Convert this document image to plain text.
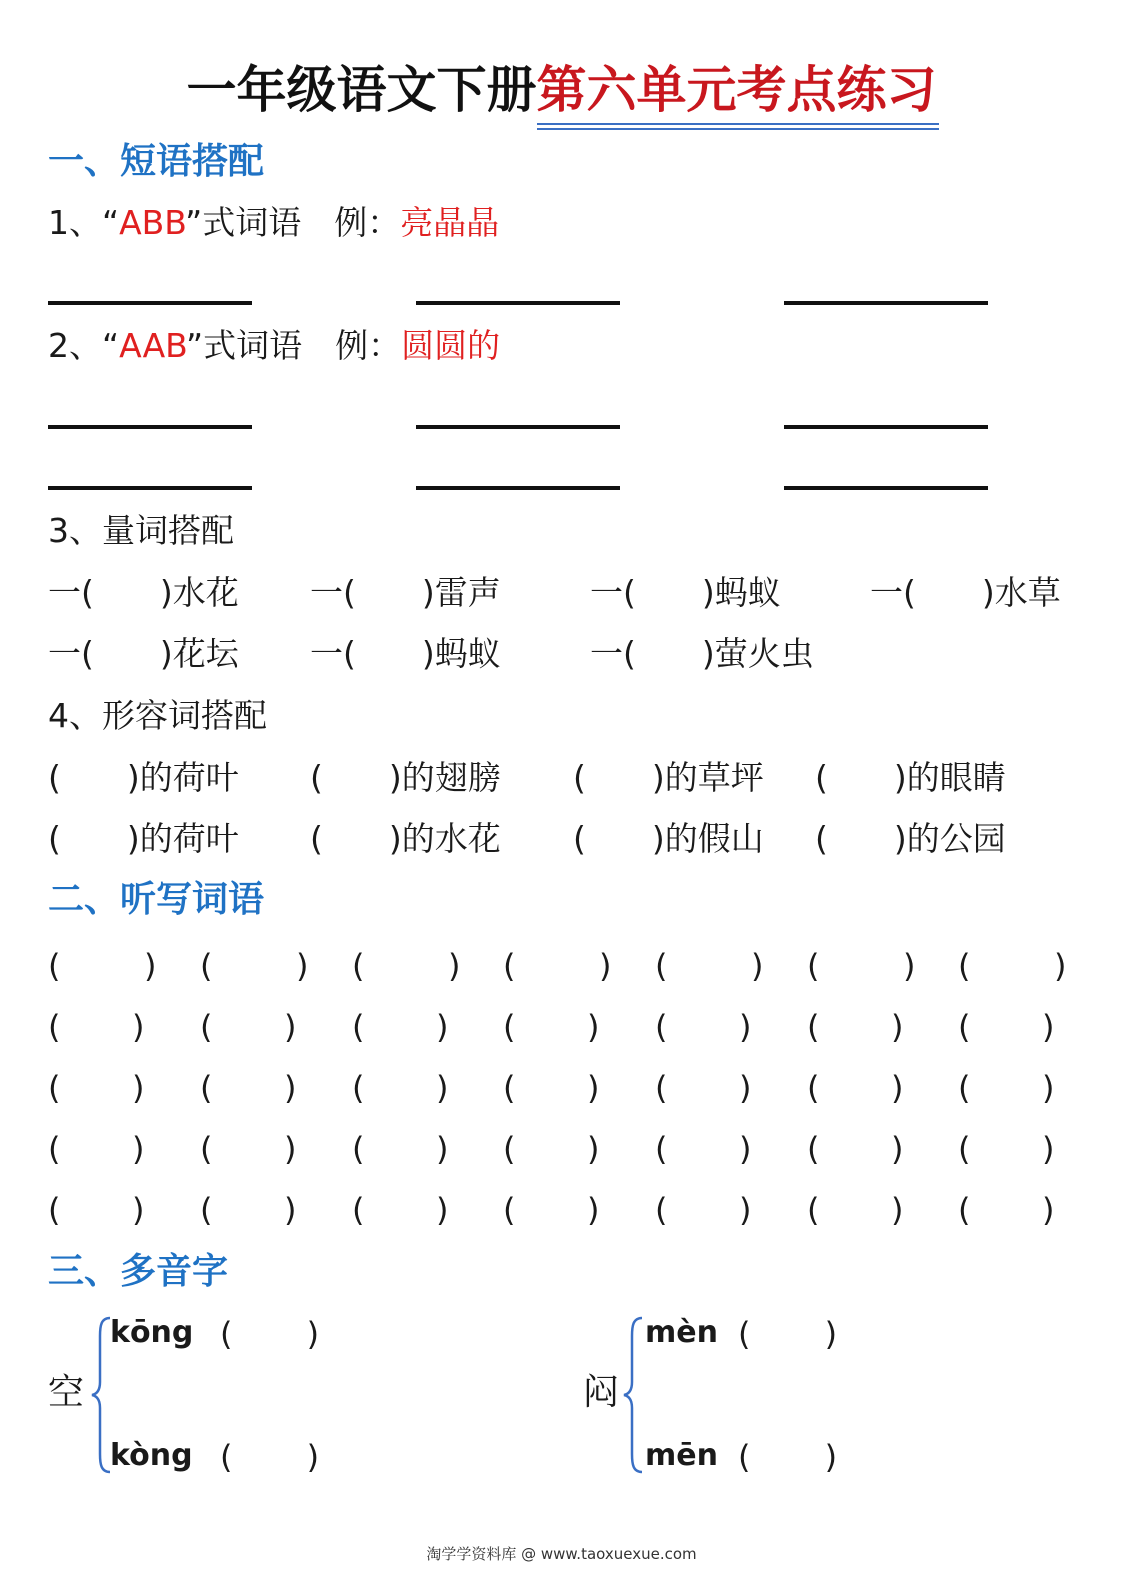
一年级语文下册第六单元考点练习
一、短语搭配
1、“ABB”式词语　例：亮晶晶
2、“AAB”式词语　例：圆圆的
3、量词搭配
一(　　)水花 一(　　)雷声	一(　　)蚂蚁	一(　　)水草
一(　　)花坛 一(　　)蚂蚁	一(　　)萤火虫
4、形容词搭配
(　　)的荷叶 (　　)的翅膀 (　　)的草坪 (　　)的眼睛
(　　)的荷叶 (　　)的水花 (　　)的假山 (　　)的公园
二、听写词语
(	) (	) (	) (	) (	) (	) (	)
( ) ( ) ( ) ( ) ( ) ( ) ( )
( ) ( ) ( ) ( ) ( ) ( ) ( )
( ) ( ) ( ) ( ) ( ) ( ) ( )
( ) ( ) ( ) ( ) ( ) ( ) ( )
三、多音字
空
kōng (　　 )
kòng (　　 )
闷
mèn (　　 )
mēn (　　 )
淘学学资料库 @ www.taoxuexue.com
